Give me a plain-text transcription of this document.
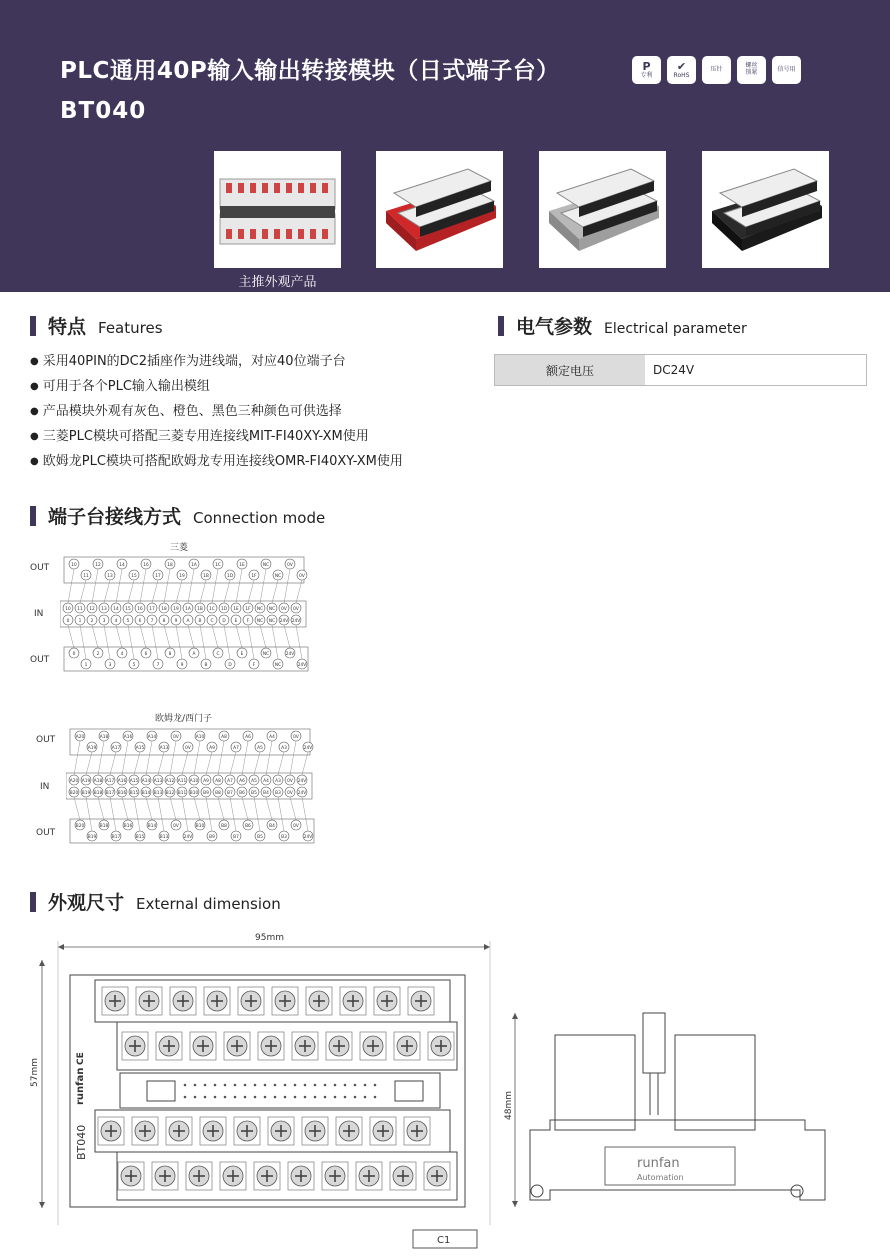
PLC通用40P输入输出转接模块（日式端子台）
BT040
P
专利
✔
RoHS
压针	螺丝锁紧	信号用
主推外观产品
特点 Features
● 采用40PIN的DC2插座作为进线端，对应40位端子台
● 可用于各个PLC输入输出模组
● 产品模块外观有灰色、橙色、黑色三种颜色可供选择
● 三菱PLC模块可搭配三菱专用连接线MIT-FI40XY-XM使用
● 欧姆龙PLC模块可搭配欧姆龙专用连接线OMR-FI40XY-XM使用
电气参数 Electrical parameter
额定电压	DC24V
端子台接线方式 Connection mode
三菱
OUT
IN
OUT
10	12	14	16	18	1A	1C	1E	NC	0V
11	13	15	17	19	1B	1D	1F	NC	0V
10 11 12 13 14 15 16 17 18 19 1A 1B 1C 1D 1E 1F NC NC 0V 0V
0 1 2 3 4 5 6 7 8 9 A B C D E F NC NC 24V 24V
0	2	4	6	8	A	C	E	NC	24V
1	3	5	7	9	B	D	F	NC	24V
欧姆龙/西门子
OUT
IN
OUT
A20	A18	A16	A14	0V	A10	A8	A6	A4	0V
A19	A17	A15	A13	0V	A9	A7	A5	A3	24V
A20 A19 A18 A17 A16 A15 A14 A13 A12 A11 A10 A9 A8 A7 A6 A5 A4 A3 0V 24V
B20 B19 B18 B17 B16 B15 B14 B13 B12 B11 B10 B9 B8 B7 B6 B5 B4 B3 0V 24V
B20	B18	B16	B14	0V	B10	B8	B6	B4	0V
B19	B17	B15	B13	24V	B9	B7	B5	B3	24V
外观尺寸 External dimension
95mm
57mm
BT040
runfan
CE
48mm
runfan
Automation
C1
